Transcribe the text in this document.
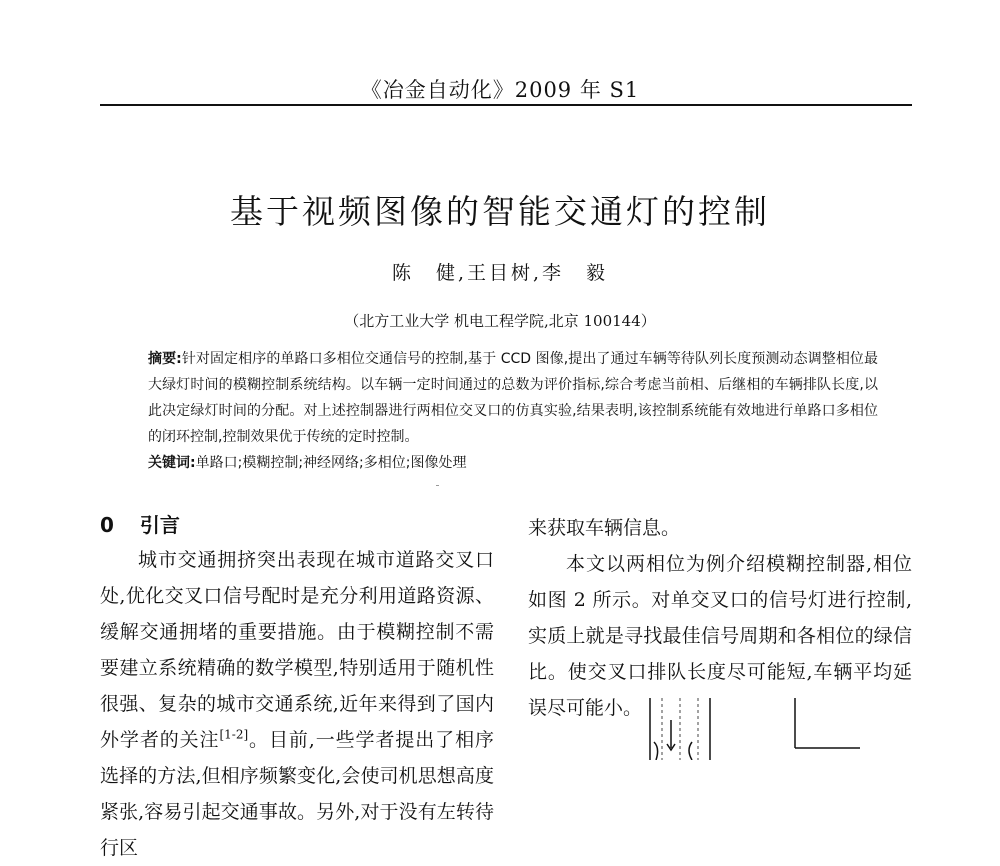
《冶金自动化》2009 年 S1
基于视频图像的智能交通灯的控制
陈　健,王目树,李　毅
（北方工业大学 机电工程学院,北京 100144）
摘要:针对固定相序的单路口多相位交通信号的控制,基于 CCD 图像,提出了通过车辆等待队列长度预测动态调整相位最大绿灯时间的模糊控制系统结构。以车辆一定时间通过的总数为评价指标,综合考虑当前相、后继相的车辆排队长度,以此决定绿灯时间的分配。对上述控制器进行两相位交叉口的仿真实验,结果表明,该控制系统能有效地进行单路口多相位的闭环控制,控制效果优于传统的定时控制。
关键词:单路口;模糊控制;神经网络;多相位;图像处理
0 引言

城市交通拥挤突出表现在城市道路交叉口处,优化交叉口信号配时是充分利用道路资源、缓解交通拥堵的重要措施。由于模糊控制不需要建立系统精确的数学模型,特别适用于随机性很强、复杂的城市交通系统,近年来得到了国内外学者的关注[1-2]。目前,一些学者提出了相序选择的方法,但相序频繁变化,会使司机思想高度紧张,容易引起交通事故。另外,对于没有左转待行区

来获取车辆信息。

本文以两相位为例介绍模糊控制器,相位如图 2 所示。对单交叉口的信号灯进行控制,实质上就是寻找最佳信号周期和各相位的绿信比。使交叉口排队长度尽可能短,车辆平均延误尽可能小。
